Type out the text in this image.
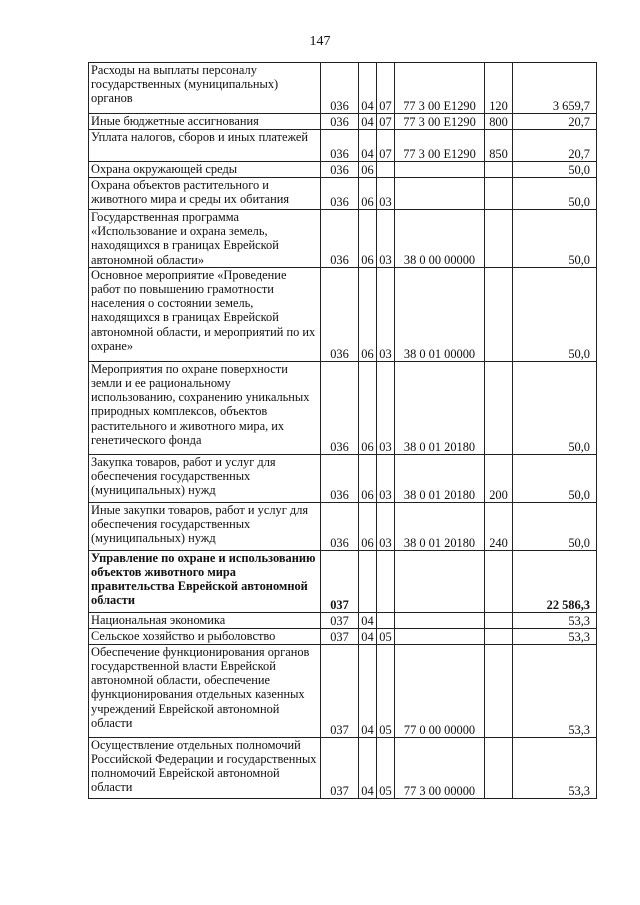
147
Расходы на выплаты персоналу государственных (муниципальных) органов	036	04	07	77 3 00 Е1290	120	3 659,7
Иные бюджетные ассигнования	036	04	07	77 3 00 Е1290	800	20,7
Уплата налогов, сборов и иных платежей	036	04	07	77 3 00 Е1290	850	20,7
Охрана окружающей среды	036	06				50,0
Охрана объектов растительного и животного мира и среды их обитания	036	06	03			50,0
Государственная программа «Использование и охрана земель, находящихся в границах Еврейской автономной области»	036	06	03	38 0 00 00000		50,0
Основное мероприятие «Проведение работ по повышению грамотности населения о состоянии земель, находящихся в границах Еврейской автономной области, и мероприятий по их охране»	036	06	03	38 0 01 00000		50,0
Мероприятия по охране поверхности земли и ее рациональному использованию, сохранению уникальных природных комплексов, объектов растительного и животного мира, их генетического фонда	036	06	03	38 0 01 20180		50,0
Закупка товаров, работ и услуг для обеспечения государственных (муниципальных) нужд	036	06	03	38 0 01 20180	200	50,0
Иные закупки товаров, работ и услуг для обеспечения государственных (муниципальных) нужд	036	06	03	38 0 01 20180	240	50,0
Управление по охране и использованию объектов животного мира правительства Еврейской автономной области	037					22 586,3
Национальная экономика	037	04				53,3
Сельское хозяйство и рыболовство	037	04	05			53,3
Обеспечение функционирования органов государственной власти Еврейской автономной области, обеспечение функционирования отдельных казенных учреждений Еврейской автономной области	037	04	05	77 0 00 00000		53,3
Осуществление отдельных полномочий Российской Федерации и государственных полномочий Еврейской автономной области	037	04	05	77 3 00 00000		53,3
